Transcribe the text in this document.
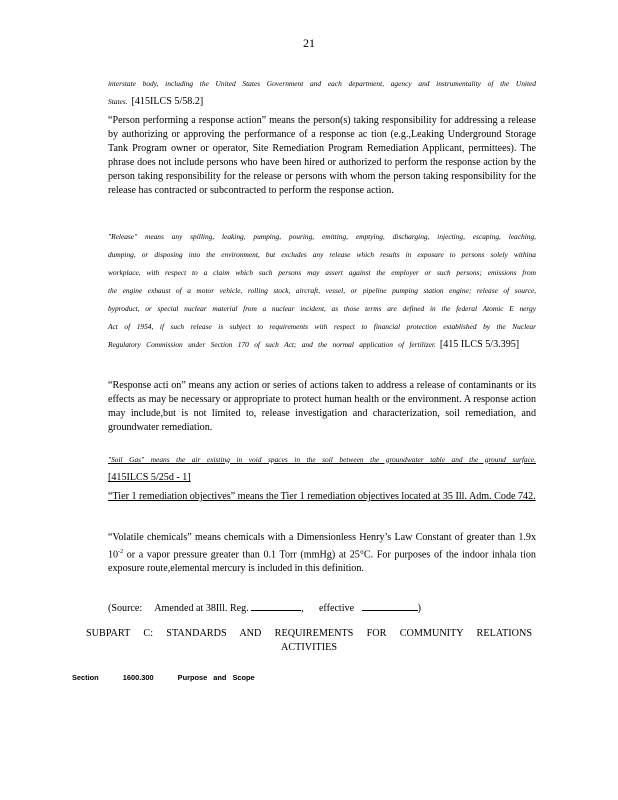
21
interstate body, including the United States Government and each department, agency and instrumentality of the United States. [415ILCS 5/58.2]
“Person performing a response action” means the person(s) taking responsibility for addressing a release by authorizing or approving the performance of a response ac tion (e.g.,Leaking Underground Storage Tank Program owner or operator, Site Remediation Program Remediation Applicant, permittees). The phrase does not include persons who have been hired or authorized to perform the response action by the person taking responsibility for the release or persons with whom the person taking responsibility for the release has contracted or subcontracted to perform the response action.
"Release" means any spilling, leaking, pumping, pouring, emitting, emptying, discharging, injecting, escaping, leaching, dumping, or disposing into the environment, but excludes any release which results in exposure to persons solely withina workplace, with respect to a claim which such persons may assert against the employer or such persons; emissions from the engine exhaust of a motor vehicle, rolling stock, aircraft, vessel, or pipeline pumping station engine; release of source, byproduct, or special nuclear material from a nuclear incident, as those terms are defined in the federal Atomic E nergy Act of 1954, if such release is subject to requirements with respect to financial protection established by the Nuclear Regulatory Commission under Section 170 of such Act; and the normal application of fertilizer. [415 ILCS 5/3.395]
“Response acti on” means any action or series of actions taken to address a release of contaminants or its effects as may be necessary or appropriate to protect human health or the environment. A response action may include,but is not limited to, release investigation and characterization, soil remediation, and groundwater remediation.
"Soil Gas" means the air existing in void spaces in the soil between the groundwater table and the ground surface. [415ILCS 5/25d - 1]
“Tier 1 remediation objectives” means the Tier 1 remediation objectives located at 35 Ill. Adm. Code 742.
“Volatile chemicals” means chemicals with a Dimensionless Henry’s Law Constant of greater than 1.9x $10^{-2}$ or a vapor pressure greater than 0.1 Torr (mmHg) at 25°C. For purposes of the indoor inhala tion exposure route,elemental mercury is included in this definition.
(Source: Amended at 38Ill. Reg.	, effective	)
SUBPART C: STANDARDS AND REQUIREMENTS FOR COMMUNITY RELATIONS
ACTIVITIES
Section	1600.300	Purpose and Scope
